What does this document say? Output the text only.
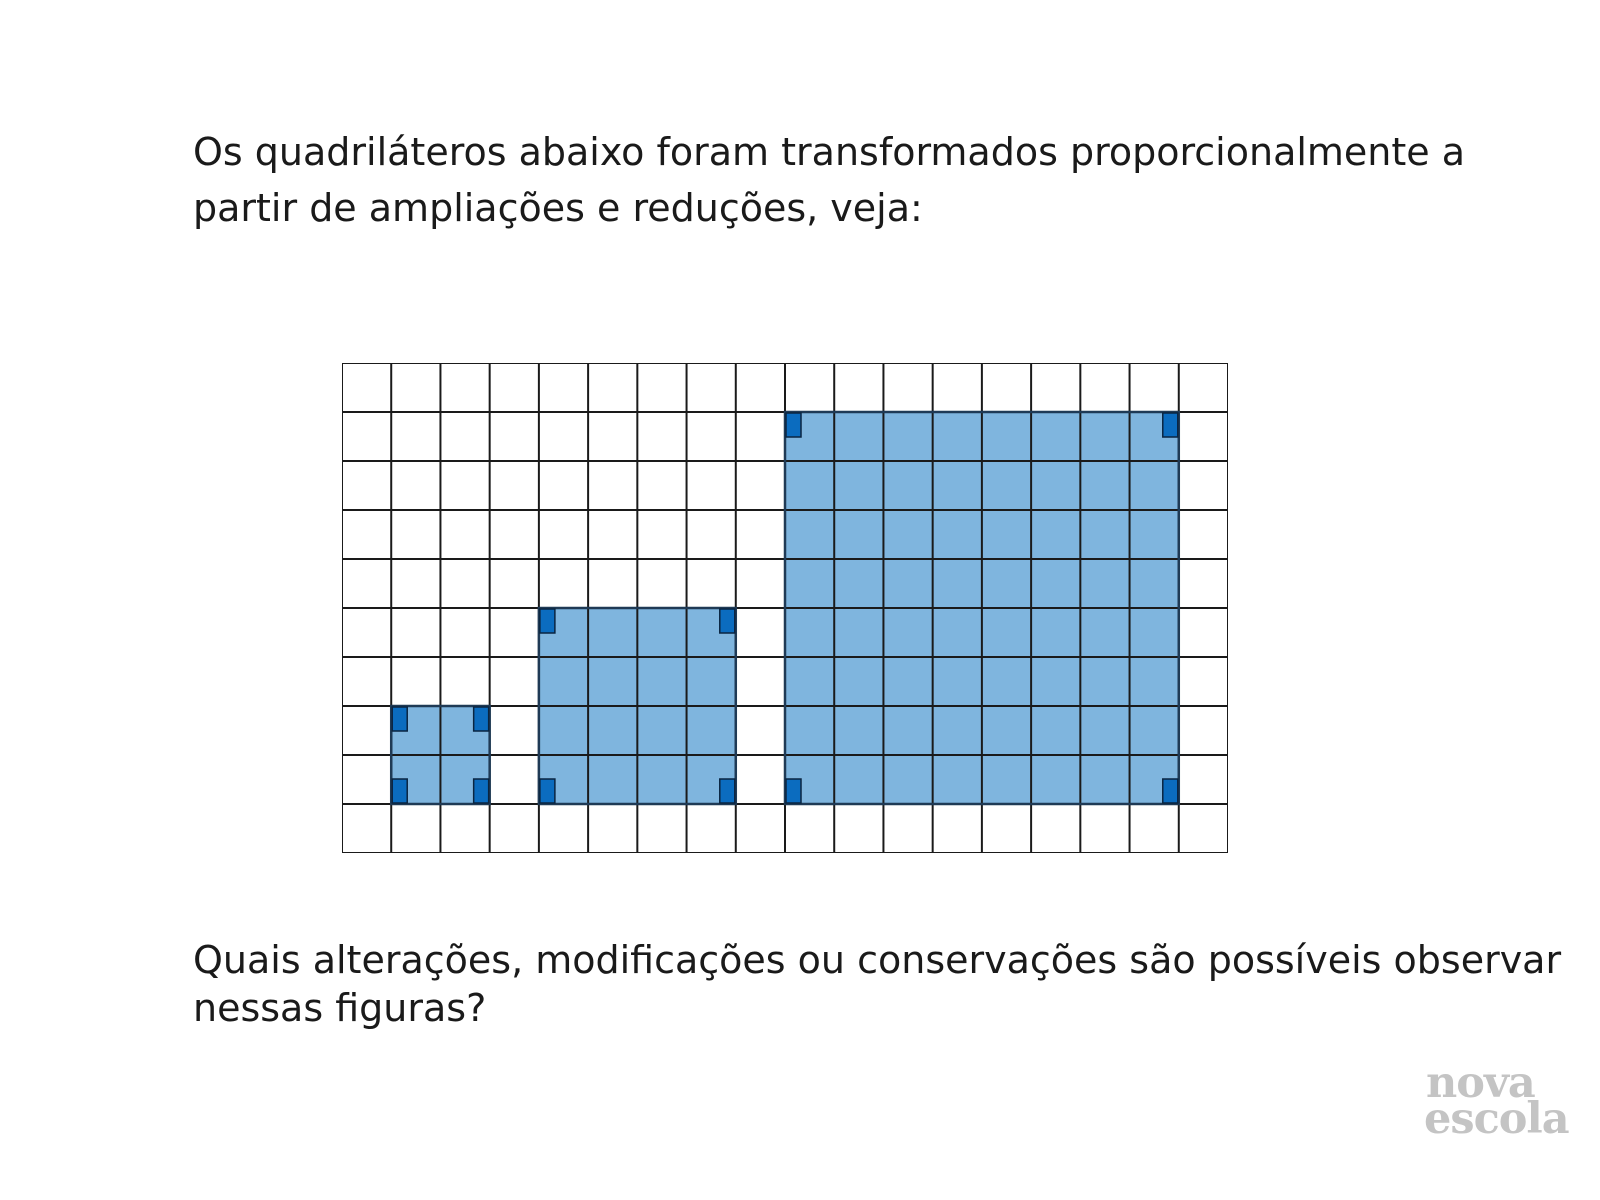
Os quadriláteros abaixo foram transformados proporcionalmente a
partir de ampliações e reduções, veja:
Quais alterações, modificações ou conservações são possíveis observar
nessas figuras?
nova
escola
